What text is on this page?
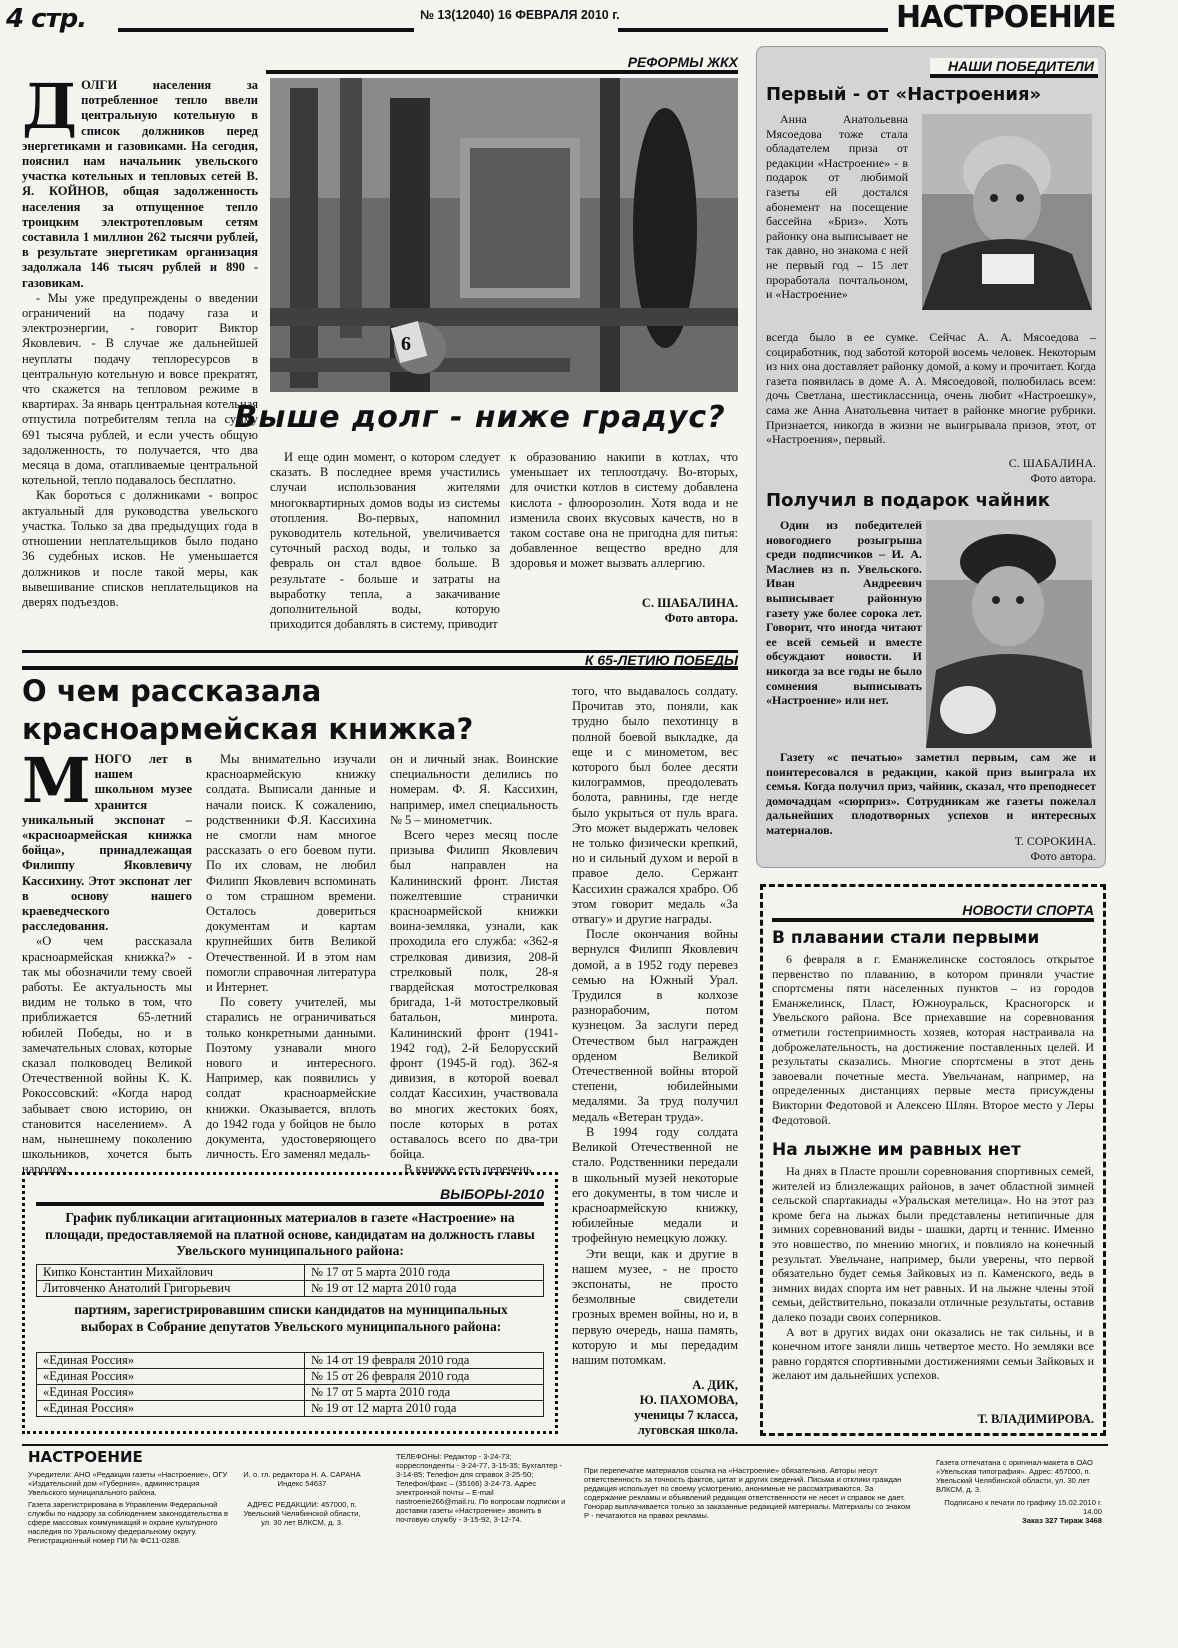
4 стр.	№ 13(12040) 16 ФЕВРАЛЯ 2010 г.	НАСТРОЕНИЕ
РЕФОРМЫ ЖКХ
Д ОЛГИ населения за потребленное тепло ввели центральную котельную в список должников перед энергетиками и газовиками. На сегодня, пояснил нам начальник увельского участка котельных и тепловых сетей В. Я. КОЙНОВ, общая задолженность населения за отпущенное тепло троицким электротепловым сетям составила 1 миллион 262 тысячи рублей, в результате энергетикам организация задолжала 146 тысяч рублей и 890 - газовикам.

- Мы уже предупреждены о введении ограничений на подачу газа и электроэнергии, - говорит Виктор Яковлевич. - В случае же дальнейшей неуплаты подачу теплоресурсов в центральную котельную и вовсе прекратят, что скажется на тепловом режиме в квартирах. За январь центральная котельная отпустила потребителям тепла на сумму 691 тысяча рублей, и если учесть общую задолженность, то получается, что два месяца в дома, отапливаемые центральной котельной, тепло подавалось бесплатно.

Как бороться с должниками - вопрос актуальный для руководства увельского участка. Только за два предыдущих года в отношении неплательщиков было подано 36 судебных исков. Не уменьшается должников и после такой меры, как вывешивание списков неплательщиков на дверях подъездов.

6
Выше долг - ниже градус?

И еще один момент, о котором следует сказать. В последнее время участились случаи использования жителями многоквартирных домов воды из системы отопления. Во-первых, напомнил руководитель котельной, увеличивается суточный расход воды, и только за февраль он стал вдвое больше. В результате - больше и затраты на выработку тепла, а закачивание дополнительной воды, которую приходится добавлять в систему, приводит

к образованию накипи в котлах, что уменьшает их теплоотдачу. Во-вторых, для очистки котлов в систему добавлена кислота - флюорозолин. Хотя вода и не изменила своих вкусовых качеств, но в таком составе она не пригодна для питья: добавленное вещество вредно для здоровья и может вызвать аллергию.

С. ШАБАЛИНА.
Фото автора.
НАШИ ПОБЕДИТЕЛИ
Первый - от «Настроения»

Анна Анатольевна Мясоедова тоже стала обладателем приза от редакции «Настроение» - в подарок от любимой газеты ей достался абонемент на посещение бассейна «Бриз». Хоть районку она выписывает не так давно, но знакома с ней не первый год – 15 лет проработала почтальоном, и «Настроение»

всегда было в ее сумке. Сейчас А. А. Мясоедова – социработник, под заботой которой восемь человек. Некоторым из них она доставляет районку домой, а кому и прочитает. Когда газета появилась в доме А. А. Мясоедовой, полюбилась всем: дочь Светлана, шестиклассница, очень любит «Настроешку», сама же Анна Анатольевна читает в районке многие рубрики. Признается, никогда в жизни не выигрывала призов, этот, от «Настроения», первый.

С. ШАБАЛИНА.
Фото автора.
Получил в подарок чайник

Один из победителей новогоднего розыгрыша среди подписчиков – И. А. Маслиев из п. Увельского. Иван Андреевич выписывает районную газету уже более сорока лет. Говорит, что иногда читают ее всей семьей и вместе обсуждают новости. И никогда за все годы не было сомнения выписывать «Настроение» или нет.

Газету «с печатью» заметил первым, сам же и поинтересовался в редакции, какой приз выиграла их семья. Когда получил приз, чайник, сказал, что преподнесет домочадцам «сюрприз». Сотрудникам же газеты пожелал дальнейших плодотворных успехов и интересных материалов.

Т. СОРОКИНА.
Фото автора.
К 65-ЛЕТИЮ ПОБЕДЫ
О чем рассказала
красноармейская книжка?
М НОГО лет в нашем школьном музее хранится уникальный экспонат – «красноармейская книжка бойца», принадлежащая Филиппу Яковлевичу Кассихину. Этот экспонат лег в основу нашего краеведческого расследования.

«О чем рассказала красноармейская книжка?» - так мы обозначили тему своей работы. Ее актуальность мы видим не только в том, что приближается 65-летний юбилей Победы, но и в замечательных словах, которые сказал полководец Великой Отечественной войны К. К. Рокоссовский: «Когда народ забывает свою историю, он становится населением». А нам, нынешнему поколению школьников, хочется быть народом.

Мы внимательно изучали красноармейскую книжку солдата. Выписали данные и начали поиск. К сожалению, родственники Ф.Я. Кассихина не смогли нам многое рассказать о его боевом пути. По их словам, не любил Филипп Яковлевич вспоминать о том страшном времени. Осталось довериться документам и картам крупнейших битв Великой Отечественной. И в этом нам помогли справочная литература и Интернет.

По совету учителей, мы старались не ограничиваться только конкретными данными. Поэтому узнавали много нового и интересного. Например, как появились у солдат красноармейские книжки. Оказывается, вплоть до 1942 года у бойцов не было документа, удостоверяющего личность. Его заменял медаль-

он и личный знак. Воинские специальности делились по номерам. Ф. Я. Кассихин, например, имел специальность № 5 – минометчик.

Всего через месяц после призыва Филипп Яковлевич был направлен на Калининский фронт. Листая пожелтевшие странички красноармейской книжки воина-земляка, узнали, как проходила его служба: «362-я стрелковая дивизия, 208-й стрелковый полк, 28-я гвардейская мотострелковая бригада, 1-й мотострелковый батальон, минрота. Калининский фронт (1941-1942 год), 2-й Белорусский фронт (1945-й год). 362-я дивизия, в которой воевал солдат Кассихин, участвовала во многих жестоких боях, после которых в ротах оставалось всего по два-три бойца.

В книжке есть перечень

того, что выдавалось солдату. Прочитав это, поняли, как трудно было пехотинцу в полной боевой выкладке, да еще и с минометом, вес которого был более десяти килограммов, преодолевать болота, равнины, где негде было укрыться от пуль врага. Это может выдержать человек не только физически крепкий, но и сильный духом и верой в правое дело. Сержант Кассихин сражался храбро. Об этом говорит медаль «За отвагу» и другие награды.

После окончания войны вернулся Филипп Яковлевич домой, а в 1952 году перевез семью на Южный Урал. Трудился в колхозе разнорабочим, потом кузнецом. За заслуги перед Отечеством был награжден орденом Великой Отечественной войны второй степени, юбилейными медалями. За труд получил медаль «Ветеран труда».

В 1994 году солдата Великой Отечественной не стало. Родственники передали в школьный музей некоторые его документы, в том числе и красноармейскую книжку, юбилейные медали и трофейную немецкую ложку.

Эти вещи, как и другие в нашем музее, - не просто экспонаты, не просто безмолвные свидетели грозных времен войны, но и, в первую очередь, наша память, которую и мы передадим нашим потомкам.

А. ДИК,
Ю. ПАХОМОВА,
ученицы 7 класса,
луговская школа.
ВЫБОРЫ-2010
График публикации агитационных материалов в газете «Настроение» на площади, предоставляемой на платной основе, кандидатам на должность главы Увельского муниципального района:
Кипко Константин Михайлович	№ 17 от 5 марта 2010 года
Литовченко Анатолий Григорьевич	№ 19 от 12 марта 2010 года
партиям, зарегистрировавшим списки кандидатов на муниципальных выборах в Собрание депутатов Увельского муниципального района:
«Единая Россия»	№ 14 от 19 февраля 2010 года
«Единая Россия»	№ 15 от 26 февраля 2010 года
«Единая Россия»	№ 17 от 5 марта 2010 года
«Единая Россия»	№ 19 от 12 марта 2010 года
НОВОСТИ СПОРТА
В плавании стали первыми

6 февраля в г. Еманжелинске состоялось открытое первенство по плаванию, в котором приняли участие спортсмены пяти населенных пунктов – из городов Еманжелинск, Пласт, Южноуральск, Красногорск и Увельского района. Все приехавшие на соревнования отметили гостеприимность хозяев, которая настраивала на доброжелательность, на достижение поставленных целей. И результаты сказались. Многие спортсмены в этот день завоевали почетные места. Увельчанам, например, на определенных дистанциях первые места присуждены Виктории Федотовой и Алексею Шлян. Второе место у Леры Федотовой.

На лыжне им равных нет

На днях в Пласте прошли соревнования спортивных семей, жителей из близлежащих районов, в зачет областной зимней сельской спартакиады «Уральская метелица». Но на этот раз кроме бега на лыжах были представлены нетипичные для зимних соревнований виды - шашки, дартц и теннис. Именно это новшество, по мнению многих, и повлияло на конечный результат. Увельчане, например, были уверены, что первой обязательно будет семья Зайковых из п. Каменского, ведь в зимних видах спорта им нет равных. И на лыжне члены этой семьи, действительно, показали отличные результаты, оставив далеко позади своих соперников.

А вот в других видах они оказались не так сильны, и в конечном итоге заняли лишь четвертое место. Но земляки все равно гордятся спортивными достижениями семьи Зайковых и желают им дальнейших успехов.

Т. ВЛАДИМИРОВА.
НАСТРОЕНИЕ
Учредители: АНО «Редакция газеты «Настроение», ОГУ «Издательский дом «Губерния», администрация Увельского муниципального района.
Газета зарегистрирована в Управлении Федеральной службы по надзору за соблюдением законодательства в сфере массовых коммуникаций и охране культурного наследия по Уральскому федеральному округу. Регистрационный номер ПИ № ФС11-0288.
И. о. гл. редактора Н. А. САРАНА
Индекс 54637
АДРЕС РЕДАКЦИИ: 457000, п. Увельский Челябинской области, ул. 30 лет ВЛКСМ, д. 3.
ТЕЛЕФОНЫ: Редактор - 3-24-73; корреспонденты - 3-24-77, 3-15-35; Бухгалтер - 3-14-85; Телефон для справок 3-25-50; Телефон/факс – (35166) 3-24-73. Адрес электронной почты – E-mail nastroenie266@mail.ru. По вопросам подписки и доставки газеты «Настроение» звонить в почтовую службу - 3-15-92, 3-12-74.
При перепечатке материалов ссылка на «Настроение» обязательна. Авторы несут ответственность за точность фактов, цитат и других сведений. Письма и отклики граждан редакция использует по своему усмотрению, анонимные не рассматриваются. За содержание рекламы и объявлений редакция ответственности не несет и справок не дает. Гонорар выплачивается только за заказанные редакцией материалы. Материалы со знаком Р - печатаются на правах рекламы.
Газета отпечатана с оригинал-макета в ОАО «Увельская типография». Адрес: 457000, п. Увельский Челябинской области, ул. 30 лет ВЛКСМ, д. 3.
Подписано к печати по графику 15.02.2010 г. 14.00
Заказ 327 Тираж 3468
